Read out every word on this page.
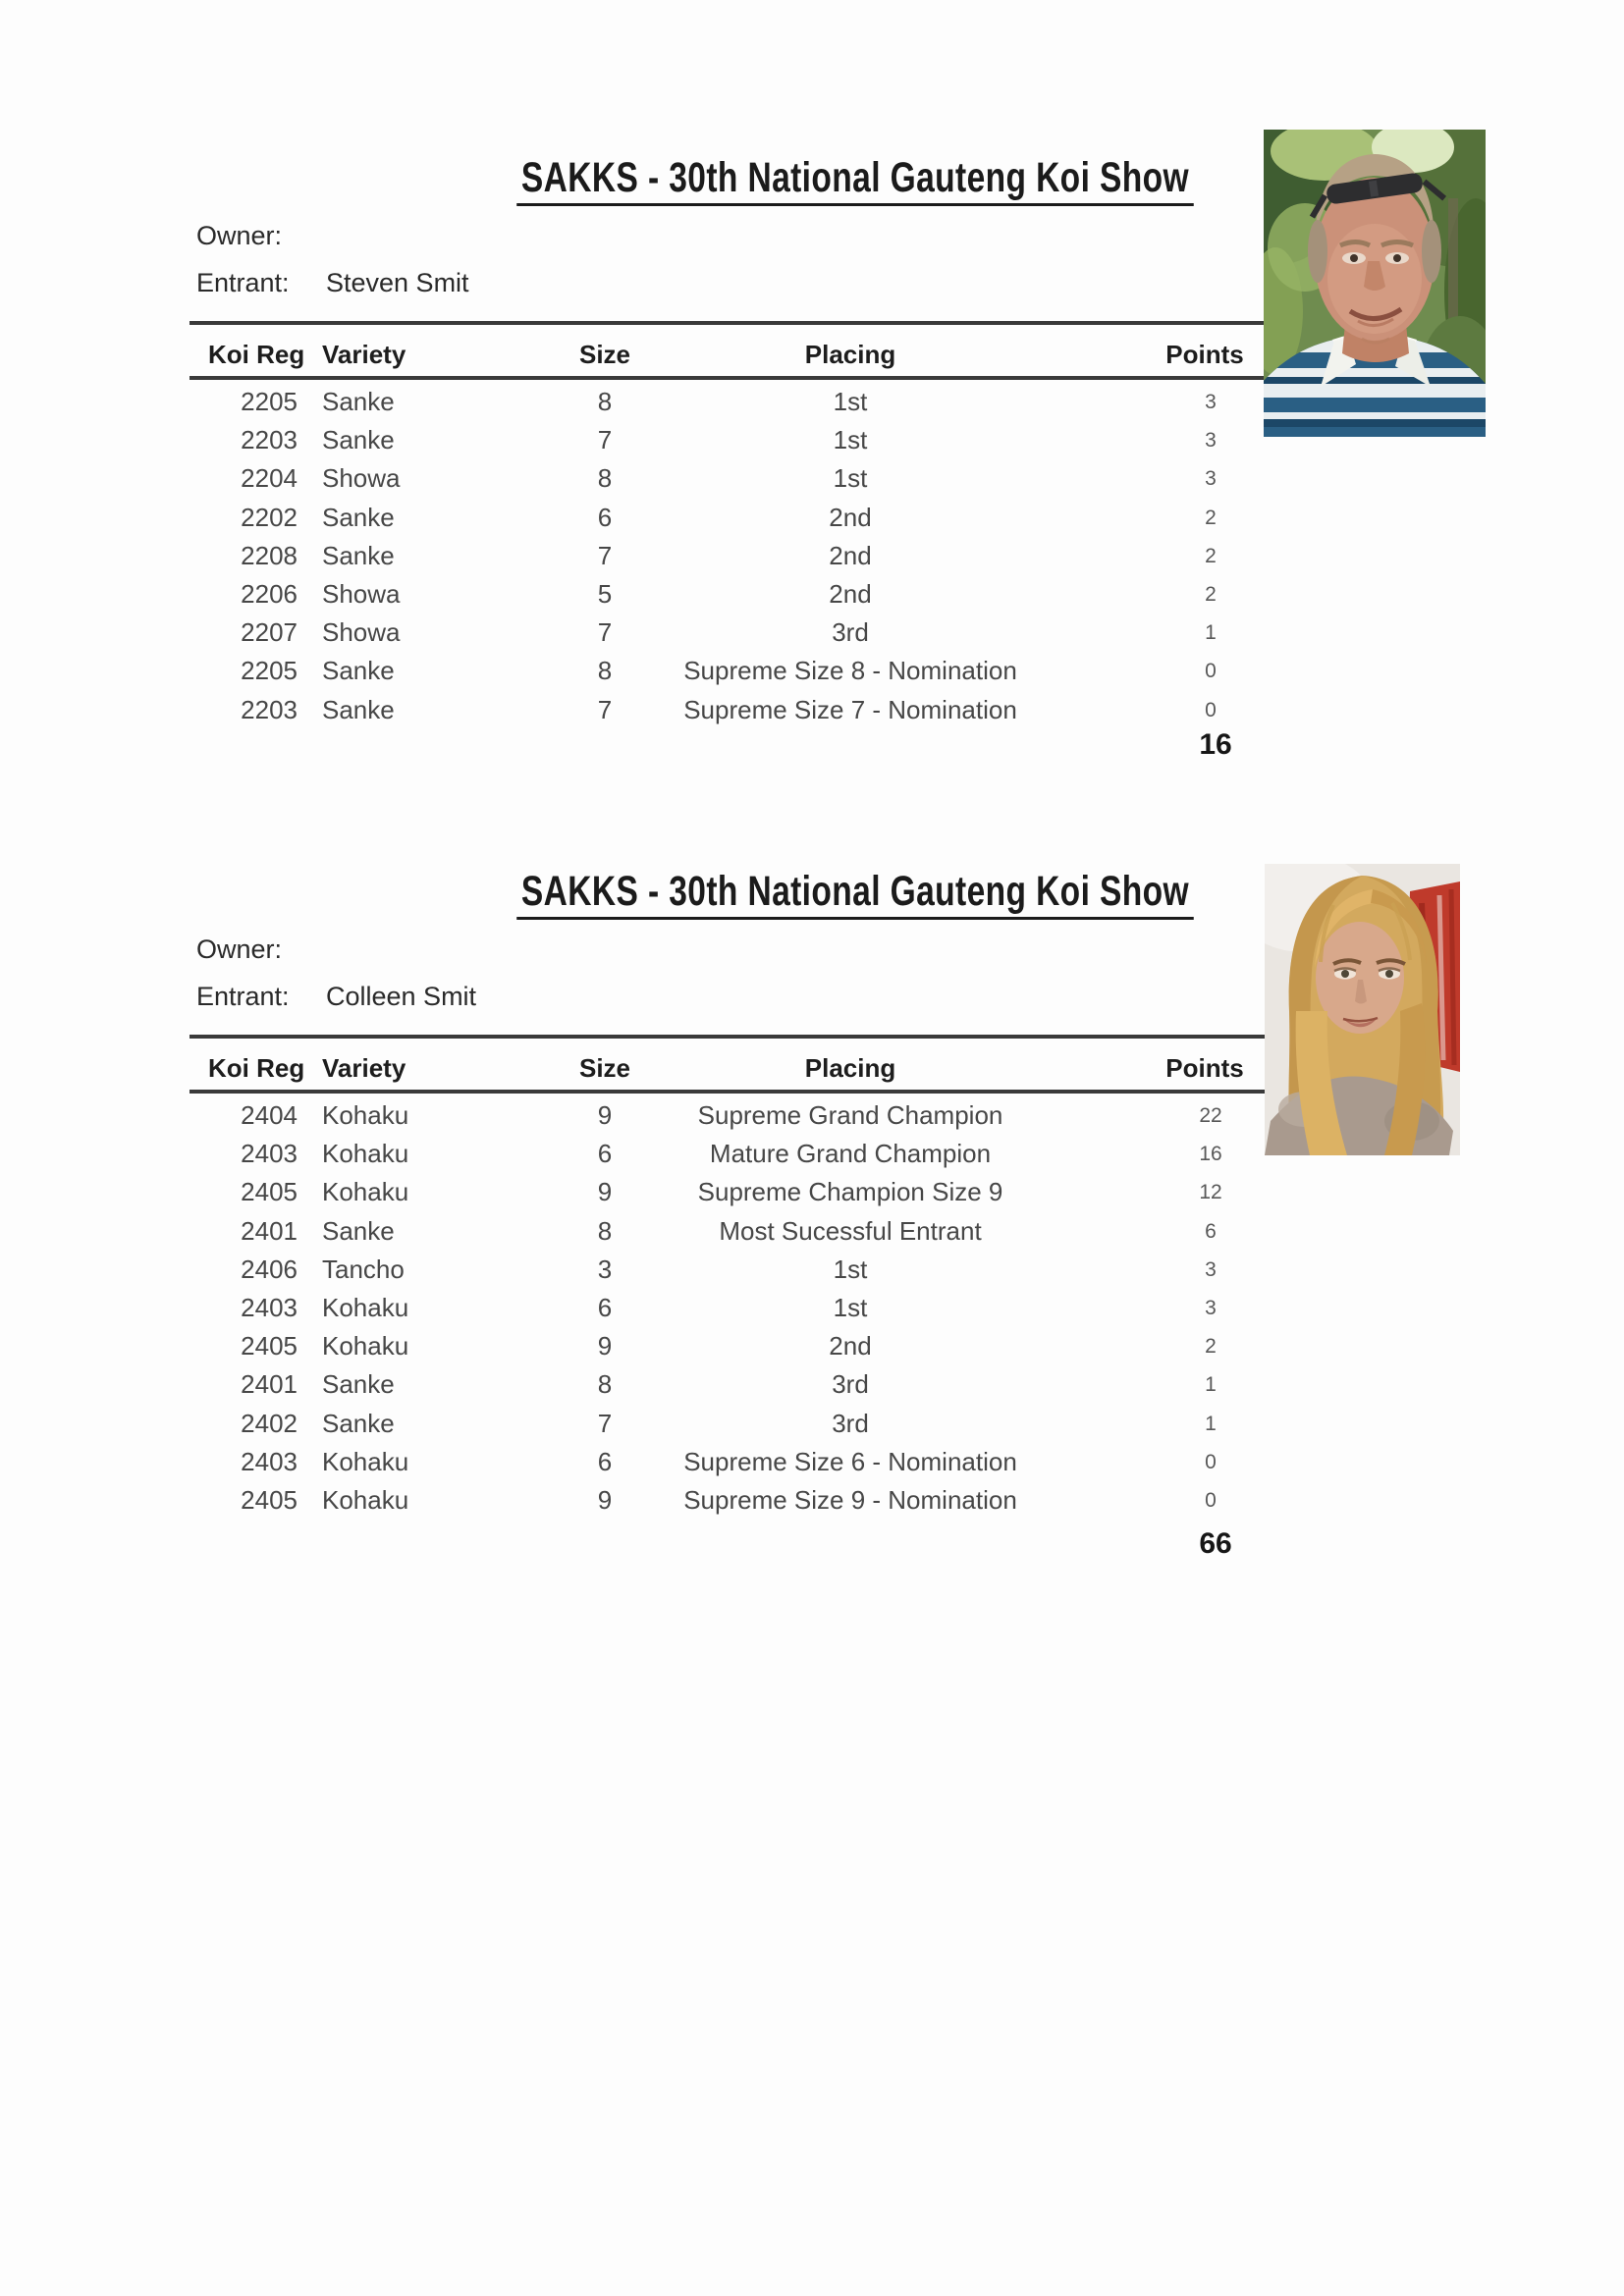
SAKKS - 30th National Gauteng Koi Show
Owner:
Entrant: Steven Smit
Koi Reg Variety	Size	Placing	Points
2205 Sanke	8	1st	3
2203 Sanke	7	1st	3
2204 Showa	8	1st	3
2202 Sanke	6	2nd	2
2208 Sanke	7	2nd	2
2206 Showa	5	2nd	2
2207 Showa	7	3rd	1
2205 Sanke	8	Supreme Size 8 - Nomination	0
2203 Sanke	7	Supreme Size 7 - Nomination	0
16
SAKKS - 30th National Gauteng Koi Show
Owner:
Entrant: Colleen Smit
Koi Reg Variety	Size	Placing	Points
2404 Kohaku	9	Supreme Grand Champion	22
2403 Kohaku	6	Mature Grand Champion	16
2405 Kohaku	9	Supreme Champion Size 9	12
2401 Sanke	8	Most Sucessful Entrant	6
2406 Tancho	3	1st	3
2403 Kohaku	6	1st	3
2405 Kohaku	9	2nd	2
2401 Sanke	8	3rd	1
2402 Sanke	7	3rd	1
2403 Kohaku	6	Supreme Size 6 - Nomination	0
2405 Kohaku	9	Supreme Size 9 - Nomination	0
66
